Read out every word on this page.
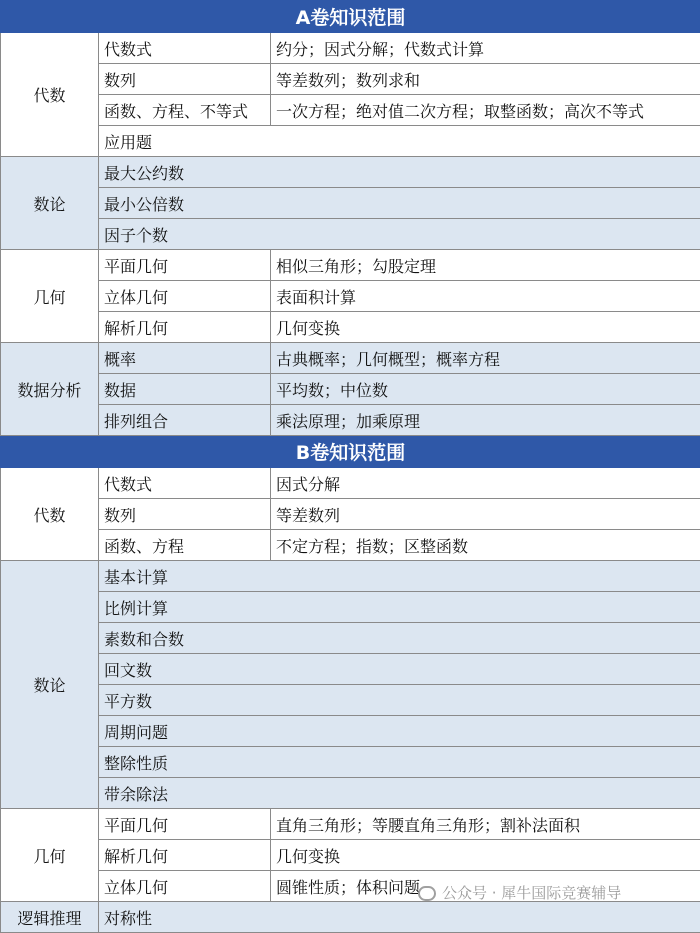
A卷知识范围		
代数	代数式	约分；因式分解；代数式计算
	数列	等差数列；数列求和
	函数、方程、不等式	一次方程；绝对值二次方程；取整函数；高次不等式
	应用题	
数论	最大公约数	
	最小公倍数	
	因子个数	
几何	平面几何	相似三角形；勾股定理
	立体几何	表面积计算
	解析几何	几何变换
数据分析	概率	古典概率；几何概型；概率方程
	数据	平均数；中位数
	排列组合	乘法原理；加乘原理
B卷知识范围		
代数	代数式	因式分解
	数列	等差数列
	函数、方程	不定方程；指数；区整函数
数论	基本计算	
	比例计算	
	素数和合数	
	回文数	
	平方数	
	周期问题	
	整除性质	
	带余除法	
几何	平面几何	直角三角形；等腰直角三角形；割补法面积
	解析几何	几何变换
	立体几何	圆锥性质；体积问题
逻辑推理	对称性	
公众号 · 犀牛国际竞赛辅导
